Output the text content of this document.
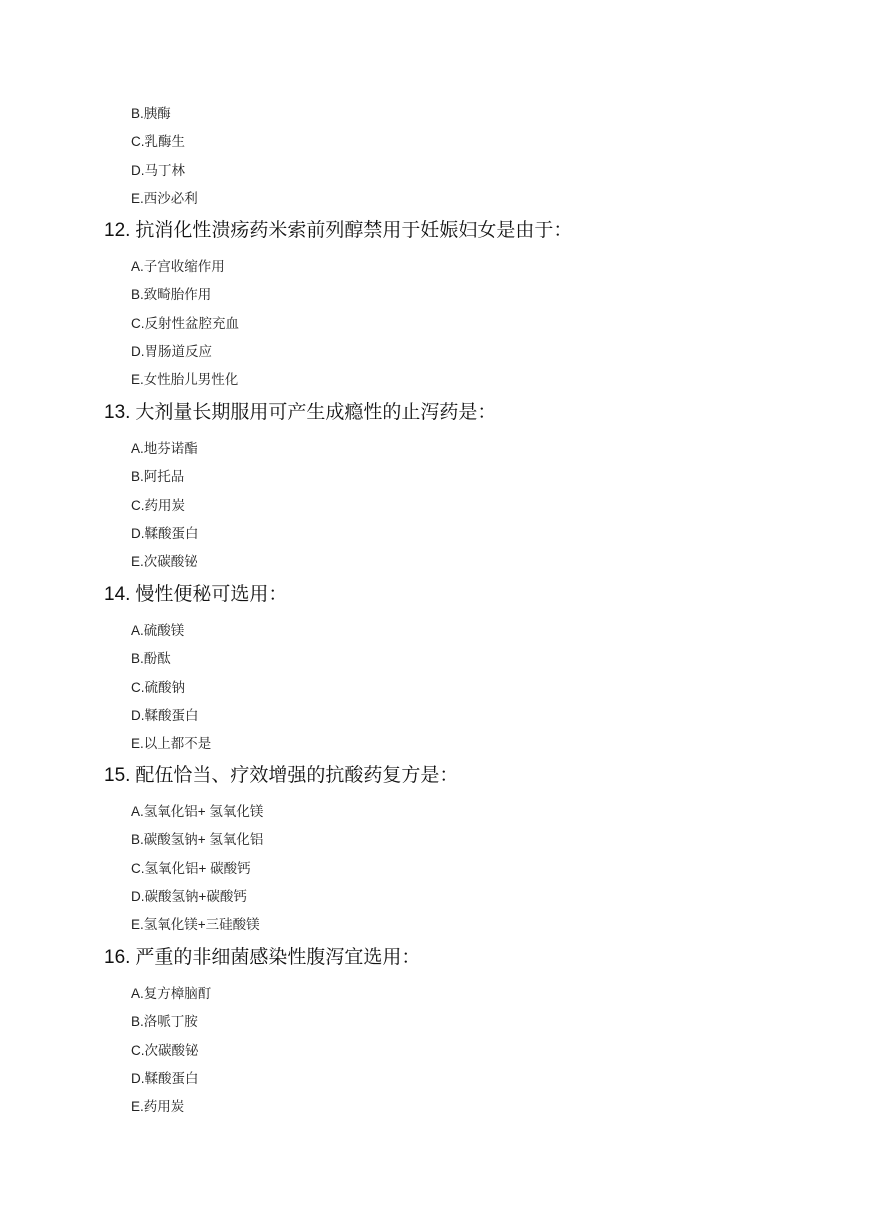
B.胰酶
C.乳酶生
D.马丁林
E.西沙必利
12. 抗消化性溃疡药米索前列醇禁用于妊娠妇女是由于：
A.子宫收缩作用
B.致畸胎作用
C.反射性盆腔充血
D.胃肠道反应
E.女性胎儿男性化
13. 大剂量长期服用可产生成瘾性的止泻药是：
A.地芬诺酯
B.阿托品
C.药用炭
D.鞣酸蛋白
E.次碳酸铋
14. 慢性便秘可选用：
A.硫酸镁
B.酚酞
C.硫酸钠
D.鞣酸蛋白
E.以上都不是
15. 配伍恰当、疗效增强的抗酸药复方是：
A.氢氧化铝+ 氢氧化镁
B.碳酸氢钠+ 氢氧化铝
C.氢氧化铝+ 碳酸钙
D.碳酸氢钠+碳酸钙
E.氢氧化镁+三硅酸镁
16. 严重的非细菌感染性腹泻宜选用：
A.复方樟脑酊
B.洛哌丁胺
C.次碳酸铋
D.鞣酸蛋白
E.药用炭
